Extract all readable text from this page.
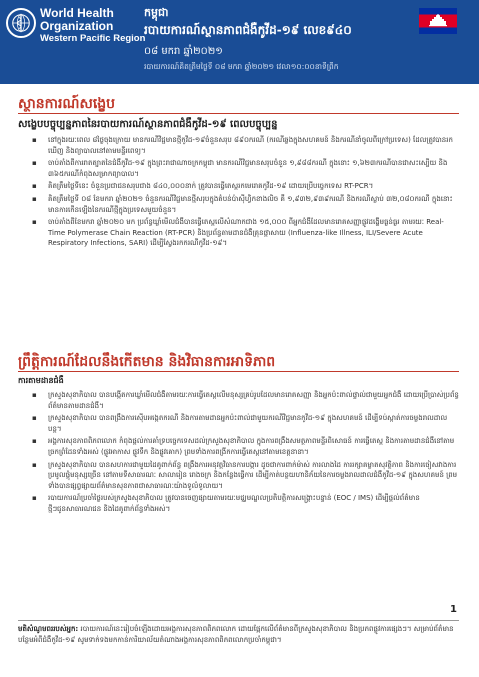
World Health
Organization
Western Pacific Region
កម្ពុជា
របាយការណ៍ស្ថានភាពជំងឺកូវីដ-១៩ លេខ៩៤០
០៨ មករា ឆ្នាំ២០២១
របាយការណ៍គិតត្រឹមថ្ងៃទី ០៨ មករា ឆ្នាំ២០២១ វេលា១០:០០នាទីព្រឹក
ស្ថានការណ៍សង្ខេប
សង្ខេបបច្ចុប្បន្នភាពនៃរបាយការណ៍ស្ថានភាពជំងឺកូវីដ-១៩ ពេលបច្ចុប្បន្ន
▪ នៅក្នុងរយៈពេល ៨ថ្ងៃចុងក្រោយ មានករណីវិជ្ជមានថ្មីកូវីដ-១៩ចំនួនសរុប ៨៩០ករណី (ករណីឆ្លងក្នុងសហគមន៍ និងករណីនាំចូលពីក្រៅប្រទេស) ដែលត្រូវបានរកឃើញ និងព្យាបាលនៅតាមមន្ទីរពេទ្យ។
▪ ចាប់តាំងពីការរាតត្បាតនៃជំងឺកូវីដ-១៩ ក្នុងព្រះរាជាណាចក្រកម្ពុជា មានករណីវិជ្ជមានសរុបចំនួន ១,៩៨៨ករណី ក្នុងនោះ ១,៦២៣ករណីបានជាសះស្បើយ និង ៣៦៥ករណីកំពុងសម្រាកព្យាបាល។
▪ គិតត្រឹមថ្ងៃទីនេះ ចំនួនប្រជាជនសរុបជាង ៨៤០,០០០នាក់ ត្រូវបានធ្វើតេស្តរកមេរោគកូវីដ-១៩ ដោយប្រើបច្ចេកទេស RT-PCR។
▪ គិតត្រឹមថ្ងៃទី ០៨ ខែមករា ឆ្នាំ២០២១ ចំនួនករណីវិជ្ជមានថ្មីសរុបក្នុងតំបន់ប៉ាស៊ីហ្វិកខាងលិច គឺ ១,៩៣២,៩៣៩ករណី និងករណីស្លាប់ ៣២,០៨០ករណី ក្នុងនោះមានការកើនឡើងនៃករណីថ្មីក្នុងប្រទេសមួយចំនួន។
▪ ចាប់តាំងពីខែមករា ឆ្នាំ២០២០ មក ប្រព័ន្ធឃ្លាំមើលជំងឺបានធ្វើតេស្តលើសំណាកជាង ១៥,០០០ ពីអ្នកជំងឺដែលមានរោគសញ្ញាផ្លូវដង្ហើមធ្ងន់ធ្ងរ តាមរយៈ Real-Time Polymerase Chain Reaction (RT-PCR) និងប្រព័ន្ធតាមដានជំងឺគ្រុនផ្តាសាយ (Influenza-like Illness, ILI/Severe Acute Respiratory Infections, SARI) ដើម្បីស្វែងរកករណីកូវីដ-១៩។
ព្រឹត្តិការណ៍ដែលនឹងកើតមាន និងវិធានការអាទិភាព
ការតាមដានជំងឺ
▪ ក្រសួងសុខាភិបាល បានបង្កើតការឃ្លាំមើលជំងឺតាមរយៈការធ្វើតេស្តលើមនុស្សគ្រប់រូបដែលមានរោគសញ្ញា និងអ្នកប៉ះពាល់ផ្ទាល់ជាមួយអ្នកជំងឺ ដោយប្រើប្រាស់ប្រព័ន្ធព័ត៌មានតាមដានជំងឺ។
▪ ក្រសួងសុខាភិបាល បានពង្រឹងការស៊ើបអង្កេតករណី និងការតាមដានអ្នកប៉ះពាល់ជាមួយករណីវិជ្ជមានកូវីដ-១៩ ក្នុងសហគមន៍ ដើម្បីទប់ស្កាត់ការចម្លងរាលដាលបន្ត។
▪ អង្គការសុខភាពពិភពលោក កំពុងផ្តល់ការគាំទ្របច្ចេកទេសដល់ក្រសួងសុខាភិបាល ក្នុងការពង្រឹងសមត្ថភាពមន្ទីរពិសោធន៍ ការធ្វើតេស្ត និងការតាមដានជំងឺនៅតាមច្រកព្រំដែនទាំងអស់ (ផ្លូវអាកាស ផ្លូវទឹក និងផ្លូវគោក) ព្រមទាំងការពង្រីកការធ្វើតេស្តនៅតាមខេត្តនានា។
▪ ក្រសួងសុខាភិបាល បានសហការជាមួយដៃគូពាក់ព័ន្ធ ពង្រឹងការអនុវត្តវិធានការបង្ការ ដូចជាការពាក់ម៉ាស់ ការលាងដៃ ការរក្សាគម្លាតសុវត្ថិភាព និងការចៀសវាងការប្រមូលផ្តុំមនុស្សច្រើន នៅតាមទីសាធារណៈ សាលារៀន រោងចក្រ និងកន្លែងធ្វើការ ដើម្បីកាត់បន្ថយហានិភ័យនៃការចម្លងរាលដាលជំងឺកូវីដ-១៩ ក្នុងសហគមន៍ ព្រមទាំងបានផ្សព្វផ្សាយព័ត៌មានសុខភាពជាសាធារណៈយ៉ាងទូលំទូលាយ។
▪ របាយការណ៍ប្រចាំថ្ងៃរបស់ក្រសួងសុខាភិបាល ត្រូវបានចេញផ្សាយតាមរយៈមជ្ឈមណ្ឌលប្រតិបត្តិការសង្គ្រោះបន្ទាន់ (EOC / IMS) ដើម្បីផ្តល់ព័ត៌មានថ្មីៗជូនសាធារណជន និងដៃគូពាក់ព័ន្ធទាំងអស់។
1
មតិសំណូមពររបស់អ្នក: របាយការណ៍នេះរៀបចំឡើងដោយអង្គការសុខភាពពិភពលោក ដោយផ្អែកលើព័ត៌មានពីក្រសួងសុខាភិបាល និងប្រភពផ្លូវការផ្សេងៗ។ សម្រាប់ព័ត៌មានបន្ថែមអំពីជំងឺកូវីដ-១៩ សូមទាក់ទងមកកាន់ការិយាល័យតំណាងអង្គការសុខភាពពិភពលោកប្រចាំកម្ពុជា។
